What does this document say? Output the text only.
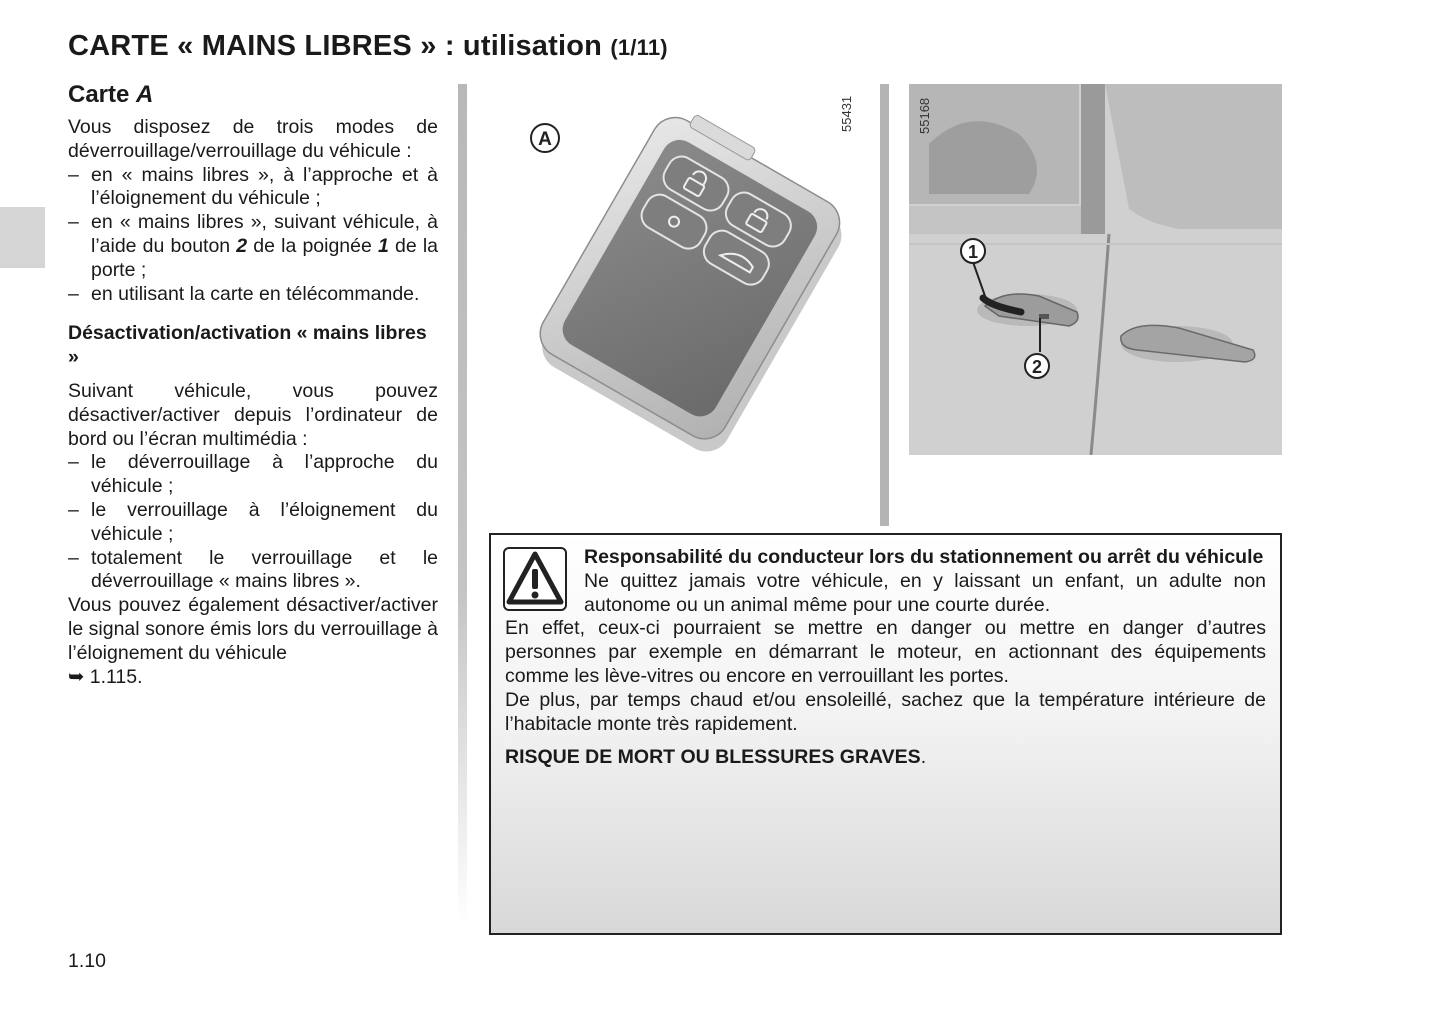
CARTE « MAINS LIBRES » : utilisation (1/11)
Carte A

Vous disposez de trois modes de déverrouillage/verrouillage du véhicule :

– en « mains libres », à l’approche et à l’éloignement du véhicule ;
– en « mains libres », suivant véhicule, à l’aide du bouton 2 de la poignée 1 de la porte ;
– en utilisant la carte en télécommande.

Désactivation/activation « mains libres »

Suivant véhicule, vous pouvez désactiver/activer depuis l’ordinateur de bord ou l’écran multimédia :

– le déverrouillage à l’approche du véhicule ;
– le verrouillage à l’éloignement du véhicule ;
– totalement le verrouillage et le déverrouillage « mains libres ».

Vous pouvez également désactiver/activer le signal sonore émis lors du verrouillage à l’éloignement du véhicule
➥ 1.115.

A
55431
1
2
55168

Responsabilité du conducteur lors du stationnement ou arrêt du véhicule

Ne quittez jamais votre véhicule, en y laissant un enfant, un adulte non autonome ou un animal même pour une courte durée.

En effet, ceux-ci pourraient se mettre en danger ou mettre en danger d’autres personnes par exemple en démarrant le moteur, en actionnant des équipements comme les lève-vitres ou encore en verrouillant les portes.

De plus, par temps chaud et/ou ensoleillé, sachez que la température intérieure de l’habitacle monte très rapidement.

RISQUE DE MORT OU BLESSURES GRAVES.

1.10
